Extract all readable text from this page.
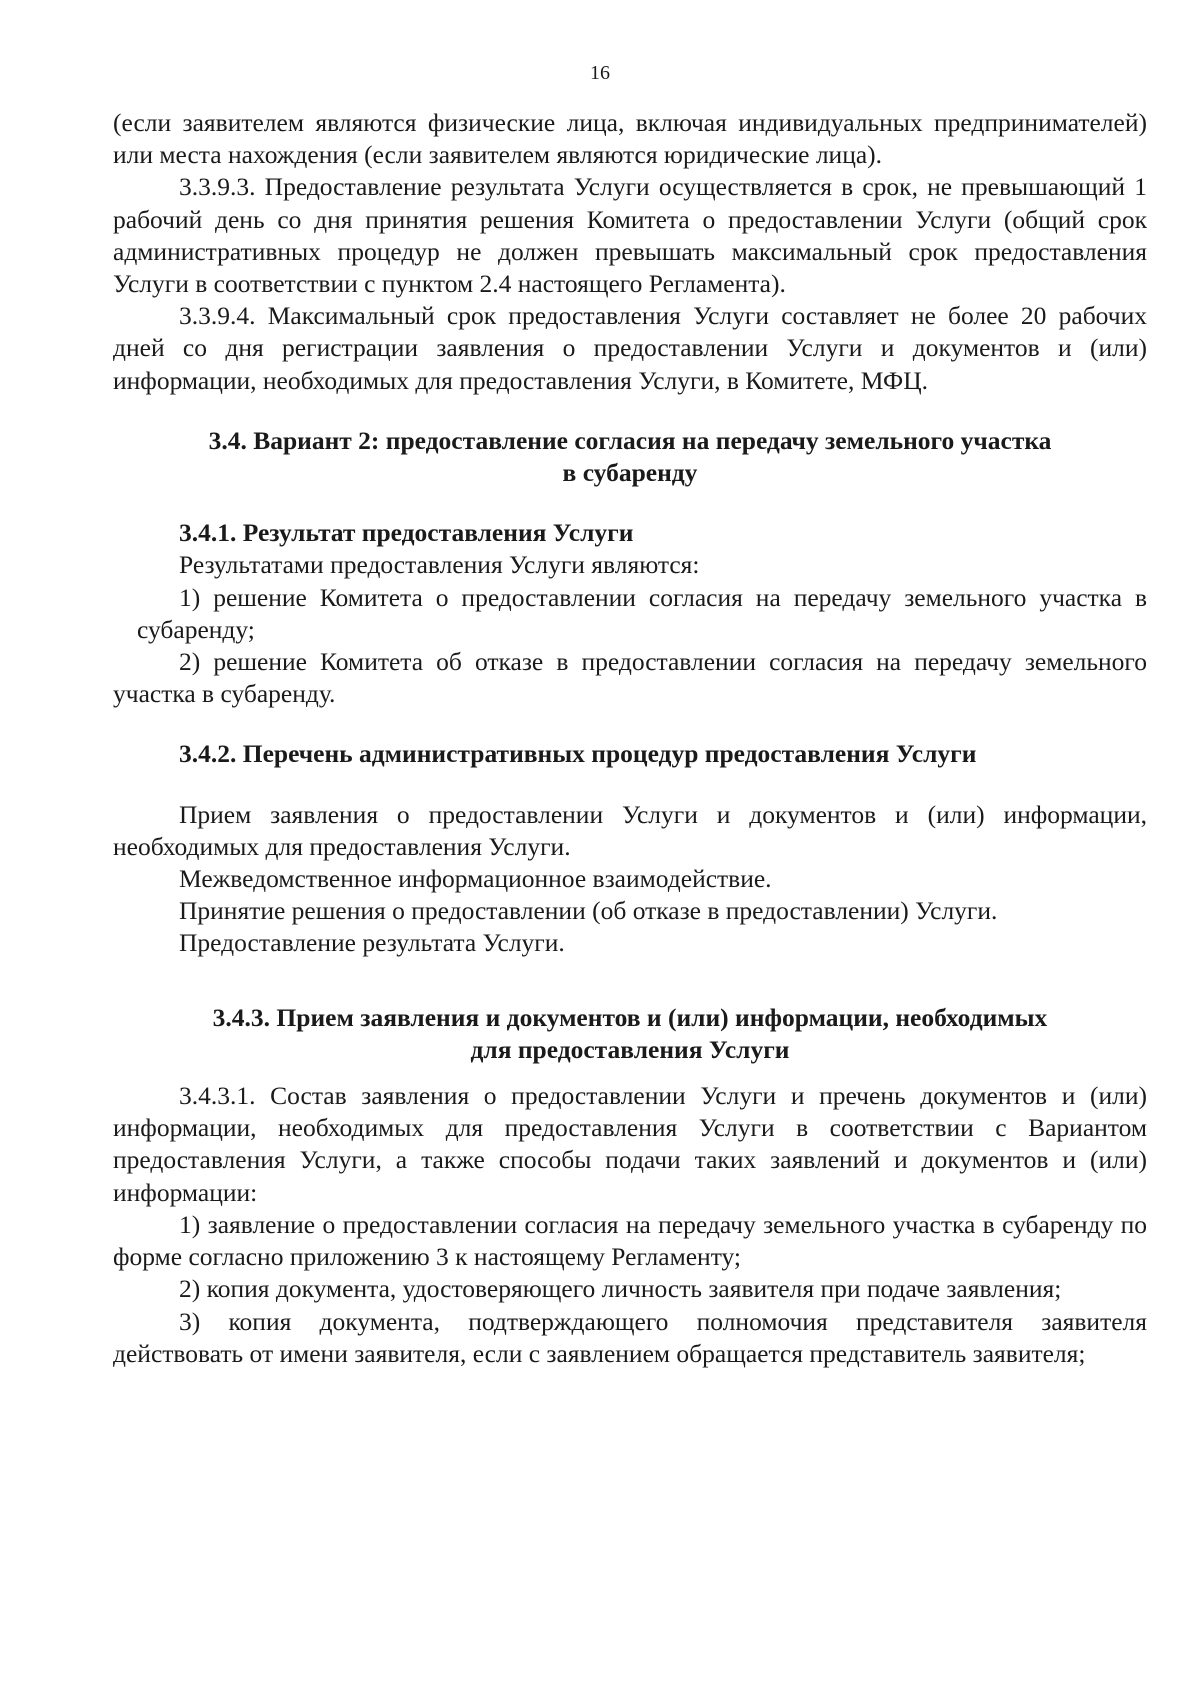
16

(если заявителем являются физические лица, включая индивидуальных предпринимателей) или места нахождения (если заявителем являются юридические лица).

3.3.9.3. Предоставление результата Услуги осуществляется в срок, не превышающий 1 рабочий день со дня принятия решения Комитета о предоставлении Услуги (общий срок административных процедур не должен превышать максимальный срок предоставления Услуги в соответствии с пунктом 2.4 настоящего Регламента).

3.3.9.4. Максимальный срок предоставления Услуги составляет не более 20 рабочих дней со дня регистрации заявления о предоставлении Услуги и документов и (или) информации, необходимых для предоставления Услуги, в Комитете, МФЦ.

3.4. Вариант 2: предоставление согласия на передачу земельного участка

в субаренду

3.4.1. Результат предоставления Услуги

Результатами предоставления Услуги являются:

1) решение Комитета о предоставлении согласия на передачу земельного участка в субаренду;

2) решение Комитета об отказе в предоставлении согласия на передачу земельного участка в субаренду.

3.4.2. Перечень административных процедур предоставления Услуги

Прием заявления о предоставлении Услуги и документов и (или) информации, необходимых для предоставления Услуги.

Межведомственное информационное взаимодействие.

Принятие решения о предоставлении (об отказе в предоставлении) Услуги.

Предоставление результата Услуги.

3.4.3. Прием заявления и документов и (или) информации, необходимых

для предоставления Услуги

3.4.3.1. Состав заявления о предоставлении Услуги и пречень документов и (или) информации, необходимых для предоставления Услуги в соответствии с Вариантом предоставления Услуги, а также способы подачи таких заявлений и документов и (или) информации:

1) заявление о предоставлении согласия на передачу земельного участка в субаренду по форме согласно приложению 3 к настоящему Регламенту;

2) копия документа, удостоверяющего личность заявителя при подаче заявления;

3) копия документа, подтверждающего полномочия представителя заявителя действовать от имени заявителя, если с заявлением обращается представитель заявителя;
